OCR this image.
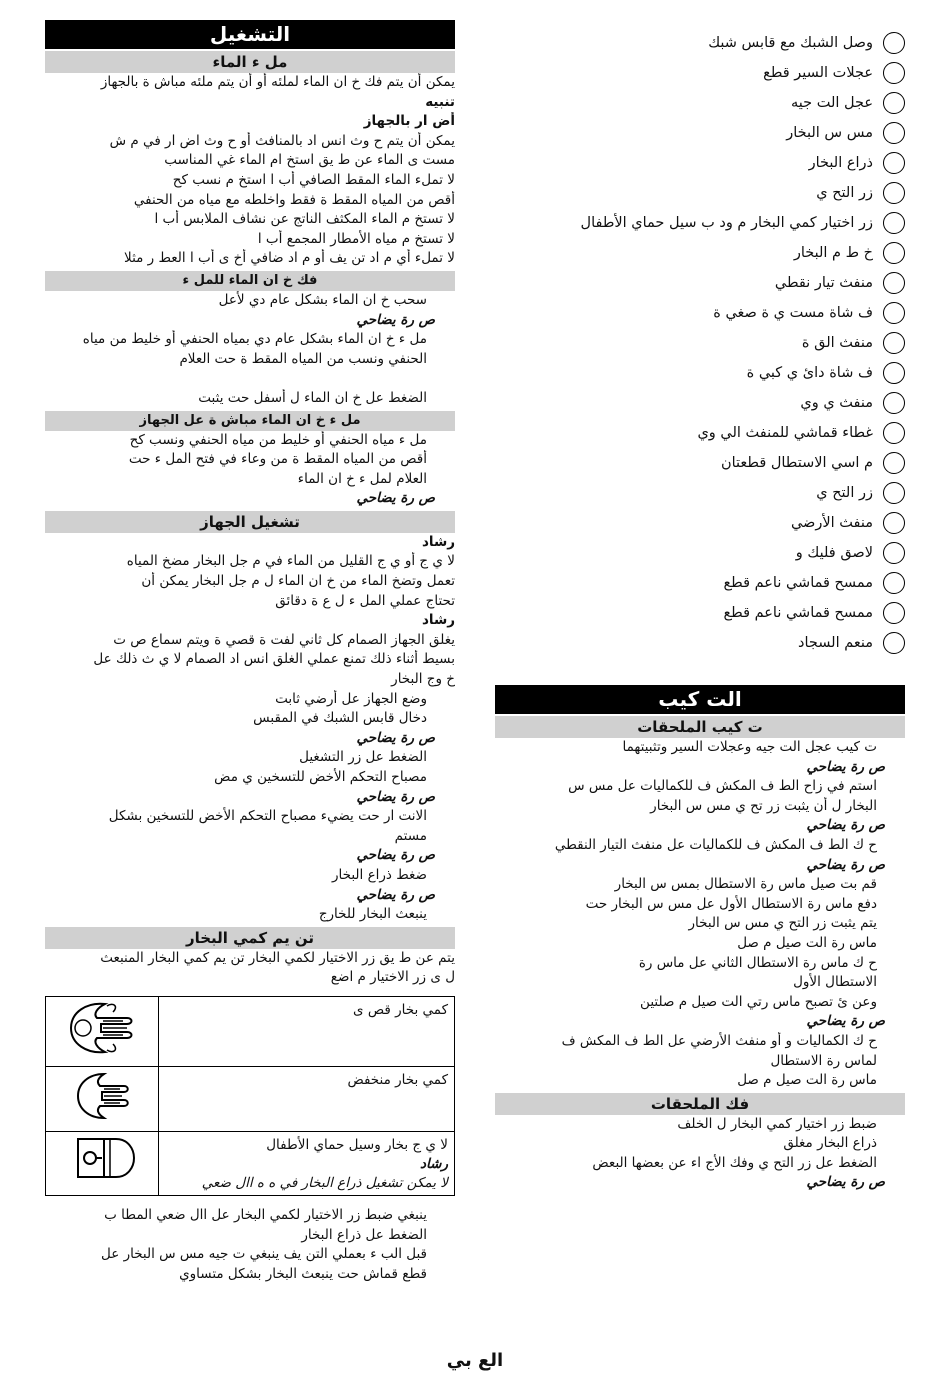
وصل الشبك مع قابس شبك
عجلات السير قطع
عجل الت جيه
مس س البخار
ذراع البخار
زر التح ي
زر اختيار كمي البخار م ود ب سيل حماي الأطفال
خ ط م البخار
منفث تيار نقطي
ف شاة مست ي ة صغي ة
منفث الق ة
ف شاة دائ ي كبي ة
منفث ي وي
غطاء قماشي للمنفث الي وي
م اسي الاستطال قطعتان
زر التح ي
منفث الأرضي
لاصق فليك و
ممسح قماشي ناعم قطع
ممسح قماشي ناعم قطع
منعم السجاد
التشغيل
مل ء الماء
يمكن أن يتم فك خ ان الماء لملئه أو أن يتم ملئه مباش ة بالجهاز
تنبيه
أض ار بالجهاز
يمكن أن يتم ح وث انس اد بالمنافث أو ح وث اض ار في م ش
مست ى الماء عن ط يق استخ ام الماء غي المناسب
لا تملء الماء المقط الصافي أب ا استخ م نسب كح
أقص من المياه المقط ة فقط واخلطه مع مياه من الحنفي
لا تستخ م الماء المكثف الناتج عن نشاف الملابس أب ا
لا تستخ م مياه الأمطار المجمع أب ا
لا تملء أي م اد تن يف أو م اد ضافي أخ ى أب ا العط ر مثلا
فك خ ان الماء للمل ء
سحب خ ان الماء بشكل عام دي لأعل
ص رة يضاحي
مل ء خ ان الماء بشكل عام دي بمياه الحنفي أو خليط من مياه
الحنفي ونسب من المياه المقط ة حت العلام

الضغط عل خ ان الماء ل أسفل حت يثبت
مل ء خ ان الماء مباش ة عل الجهاز
مل ء مياه الحنفي أو خليط من مياه الحنفي ونسب كح
أقص من المياه المقط ة من وعاء في فتح المل ء حت
العلام لمل ء خ ان الماء
ص رة يضاحي
تشغيل الجهاز
رشاد
لا ي ج أو ي ج القليل من الماء في م جل البخار مضخ المياه
تعمل وتضخ الماء من خ ان الماء ل م جل البخار يمكن أن
تحتاج عملي المل ء ل ع ة دقائق
رشاد
يغلق الجهاز الصمام كل ثاني لفت ة قصي ة ويتم سماع ص ت
بسيط أثناء ذلك تمنع عملي الغلق انس اد الصمام لا ي ث ذلك عل
خ وج البخار
وضع الجهاز عل أرضي ثابت
دخال قابس الشبك في المقبس
ص رة يضاحي
الضغط عل زر التشغيل
مصباح التحكم الأخض للتسخين ي مض
ص رة يضاحي
الانت ار حت يضيء مصباح التحكم الأخض للتسخين بشكل
مستم
ص رة يضاحي
ضغط ذراع البخار
ص رة يضاحي
ينبعث البخار للخارج
تن يم كمي البخار
يتم عن ط يق زر الاختيار لكمي البخار تن يم كمي البخار المنبعث
ل ى زر الاختيار م اضع
كمي بخار قص ى	
كمي بخار منخفض	

لا ي ج بخار وسيل حماي الأطفال
رشاد
لا يمكن تشغيل ذراع البخار في ه ه اال ضعي

ينبغي ضبط زر الاختيار لكمي البخار عل اال ضعي المطا ب
الضغط عل ذراع البخار
قبل الب ء بعملي التن يف ينبغي ت جيه مس س البخار عل
قطع قماش حت ينبعث البخار بشكل متساوي
الت كيب
ت كيب الملحقات
ت كيب عجل الت جيه وعجلات السير وتثبيتهما
ص رة يضاحي
استم في زاح الط ف المكش ف للكماليات عل مس س
البخار ل أن يثبت زر تح ي مس س البخار
ص رة يضاحي
ح ك الط ف المكش ف للكماليات عل منفث التيار النقطي
ص رة يضاحي
قم بت صيل ماس رة الاستطال بمس س البخار
دفع ماس رة الاستطال الأول عل مس س البخار حت
يتم يثبت زر التح ي مس س البخار
ماس رة الت صيل م صل
ح ك ماس رة الاستطال الثاني عل ماس رة
الاستطال الأول
وعن ئ تصبح ماس رتي الت صيل م صلتين
ص رة يضاحي
ح ك الكماليات و أو منفث الأرضي عل الط ف المكش ف
لماس رة الاستطال
ماس رة الت صيل م صل
فك الملحقات
ضبط زر اختيار كمي البخار ل الخلف
ذراع البخار مغلق
الضغط عل زر التح ي وفك الأج اء عن بعضها البعض
ص رة يضاحي
الع بي
